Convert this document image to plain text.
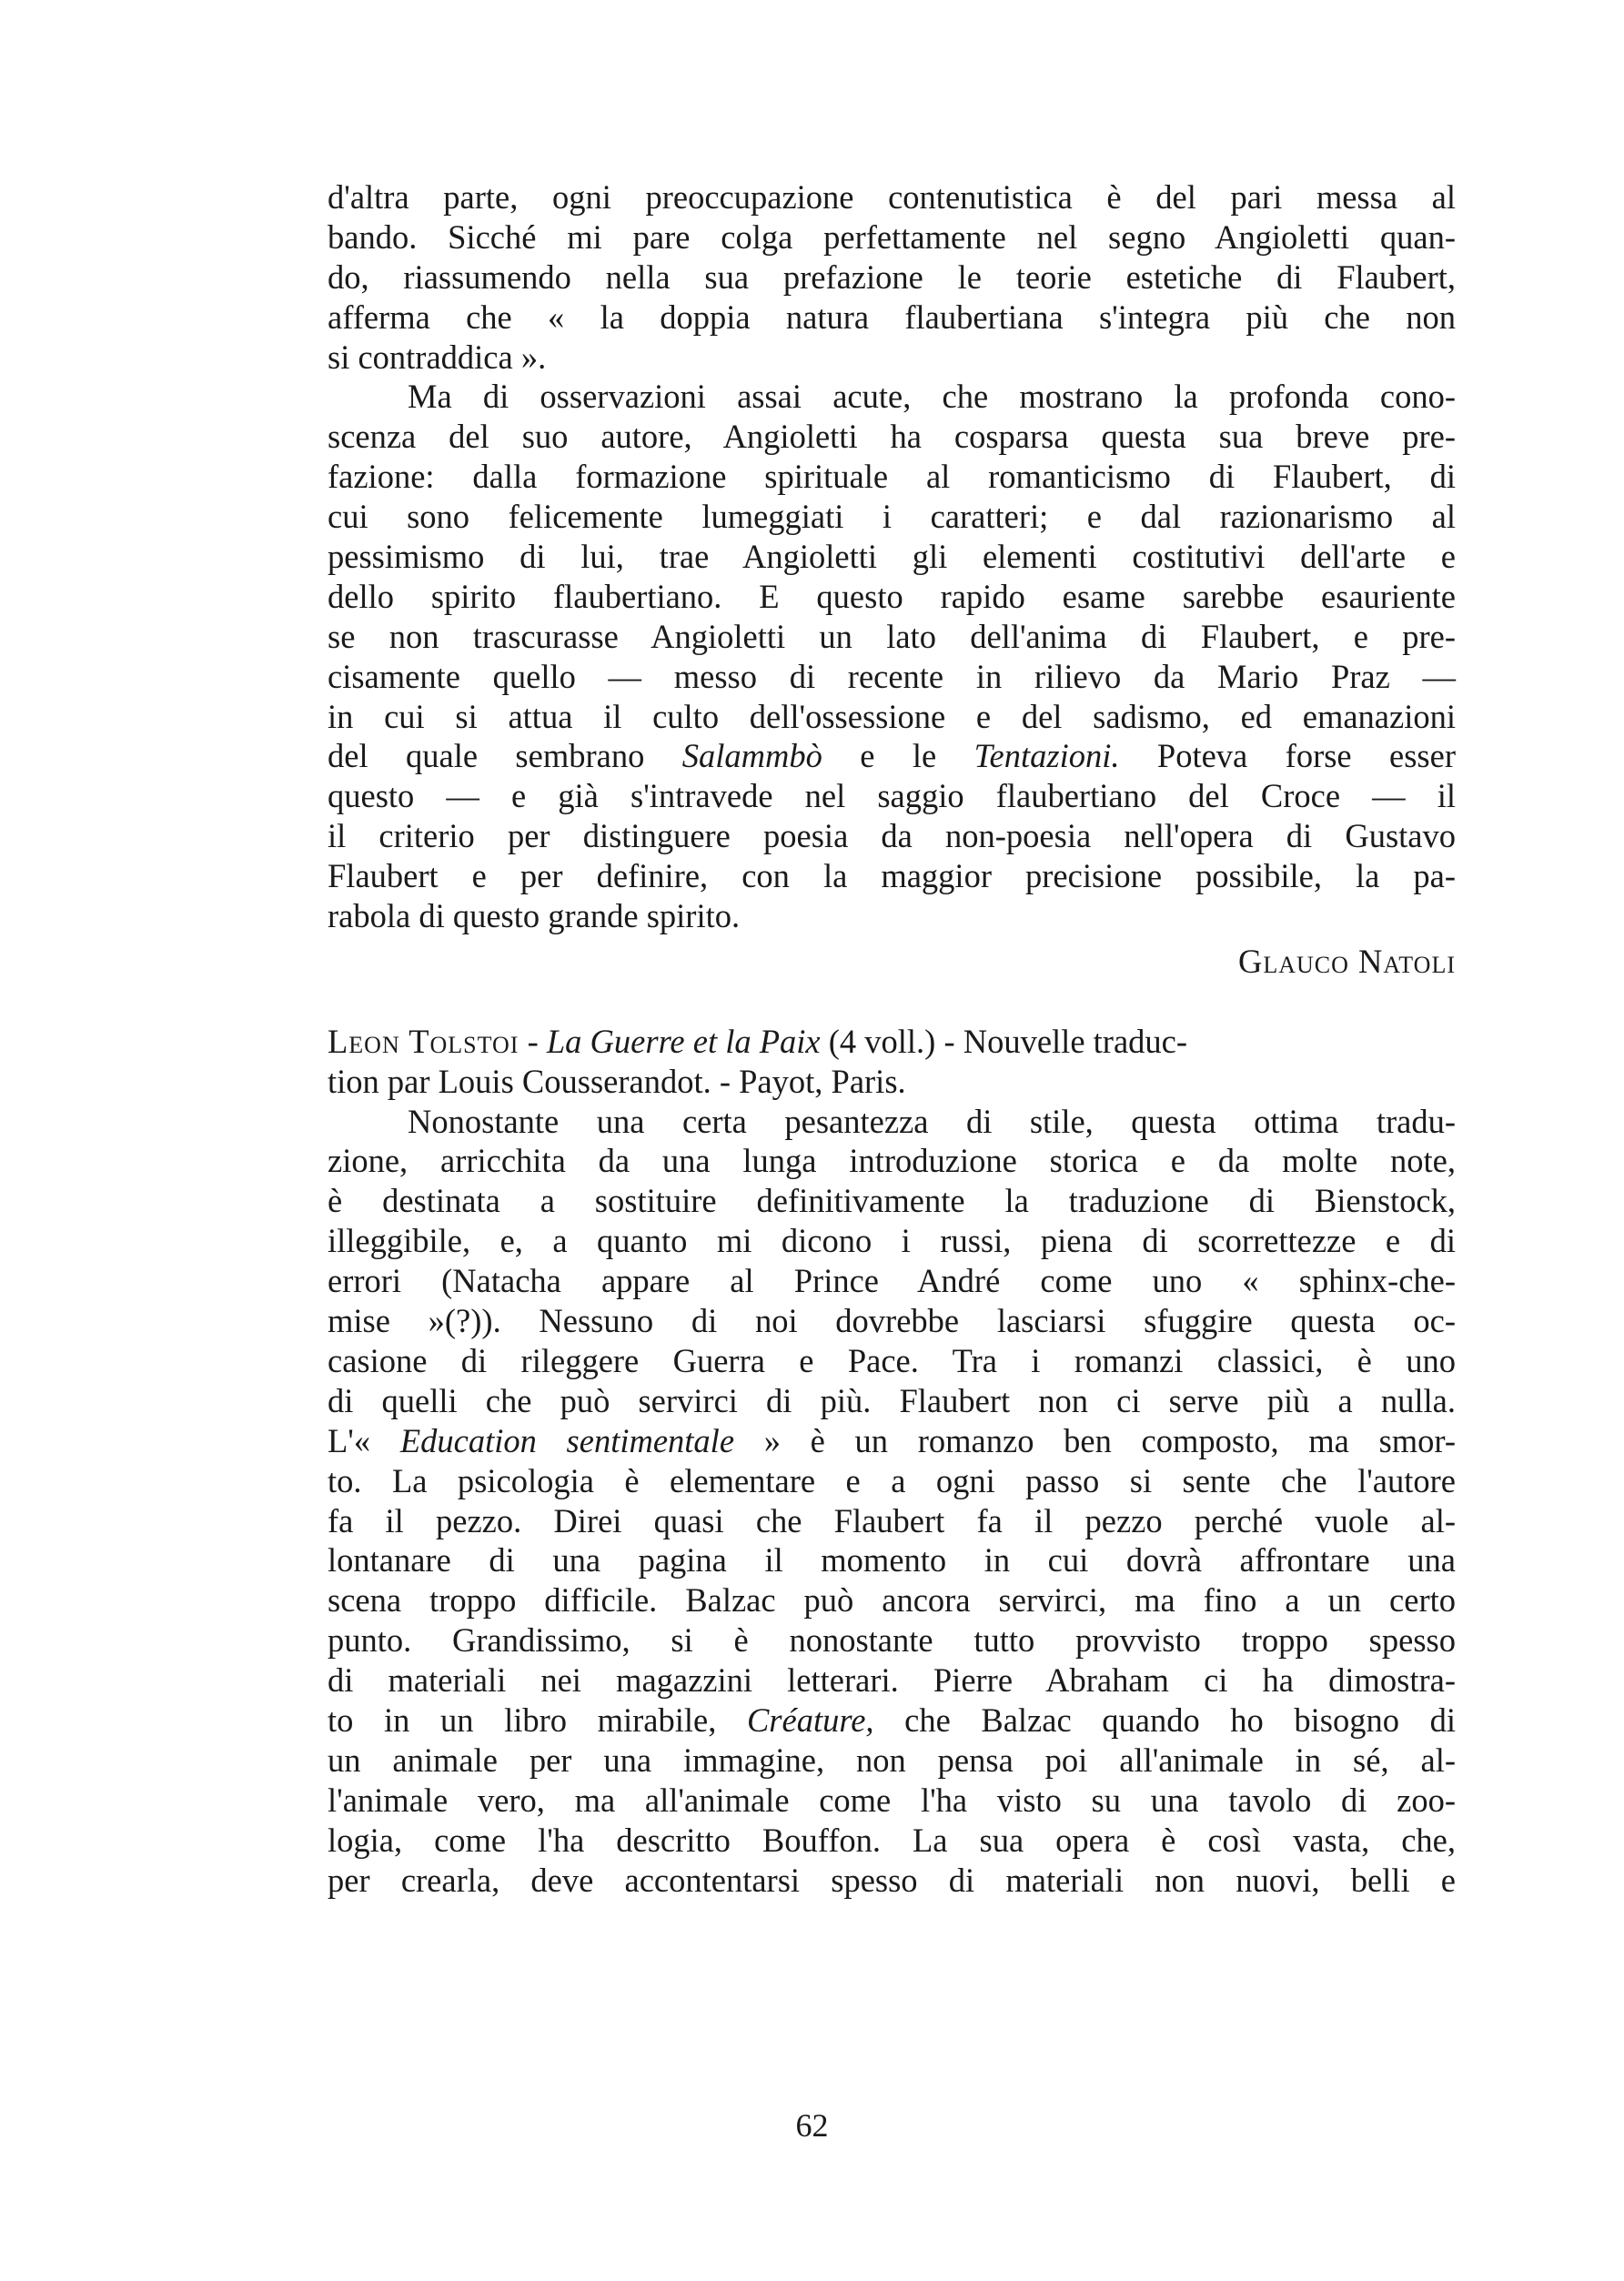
d'altra parte, ogni preoccupazione contenutistica è del pari messa al
bando. Sicché mi pare colga perfettamente nel segno Angioletti quan-
do, riassumendo nella sua prefazione le teorie estetiche di Flaubert,
afferma che « la doppia natura flaubertiana s'integra più che non
si contraddica ».
Ma di osservazioni assai acute, che mostrano la profonda cono-
scenza del suo autore, Angioletti ha cosparsa questa sua breve pre-
fazione: dalla formazione spirituale al romanticismo di Flaubert, di
cui sono felicemente lumeggiati i caratteri; e dal razionarismo al
pessimismo di lui, trae Angioletti gli elementi costitutivi dell'arte e
dello spirito flaubertiano. E questo rapido esame sarebbe esauriente
se non trascurasse Angioletti un lato dell'anima di Flaubert, e pre-
cisamente quello — messo di recente in rilievo da Mario Praz —
in cui si attua il culto dell'ossessione e del sadismo, ed emanazioni
del quale sembrano Salammbò e le Tentazioni. Poteva forse esser
questo — e già s'intravede nel saggio flaubertiano del Croce — il
il criterio per distinguere poesia da non-poesia nell'opera di Gustavo
Flaubert e per definire, con la maggior precisione possibile, la pa-
rabola di questo grande spirito.
Glauco Natoli
Leon Tolstoi - La Guerre et la Paix (4 voll.) - Nouvelle traduc-
tion par Louis Cousserandot. - Payot, Paris.
Nonostante una certa pesantezza di stile, questa ottima tradu-
zione, arricchita da una lunga introduzione storica e da molte note,
è destinata a sostituire definitivamente la traduzione di Bienstock,
illeggibile, e, a quanto mi dicono i russi, piena di scorrettezze e di
errori (Natacha appare al Prince André come uno « sphinx-che-
mise »(?)). Nessuno di noi dovrebbe lasciarsi sfuggire questa oc-
casione di rileggere Guerra e Pace. Tra i romanzi classici, è uno
di quelli che può servirci di più. Flaubert non ci serve più a nulla.
L'« Education sentimentale » è un romanzo ben composto, ma smor-
to. La psicologia è elementare e a ogni passo si sente che l'autore
fa il pezzo. Direi quasi che Flaubert fa il pezzo perché vuole al-
lontanare di una pagina il momento in cui dovrà affrontare una
scena troppo difficile. Balzac può ancora servirci, ma fino a un certo
punto. Grandissimo, si è nonostante tutto provvisto troppo spesso
di materiali nei magazzini letterari. Pierre Abraham ci ha dimostra-
to in un libro mirabile, Créature, che Balzac quando ho bisogno di
un animale per una immagine, non pensa poi all'animale in sé, al-
l'animale vero, ma all'animale come l'ha visto su una tavolo di zoo-
logia, come l'ha descritto Bouffon. La sua opera è così vasta, che,
per crearla, deve accontentarsi spesso di materiali non nuovi, belli e
62
